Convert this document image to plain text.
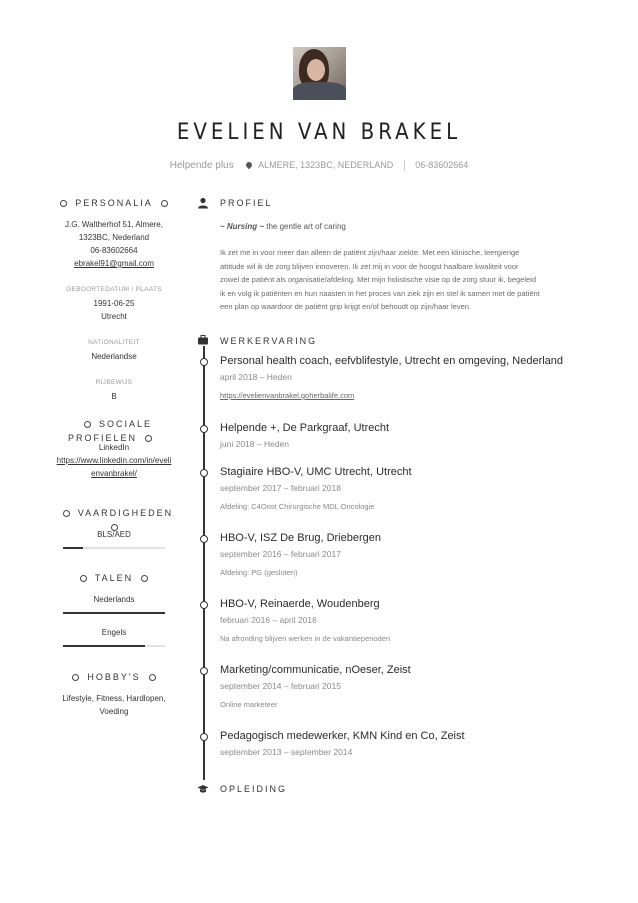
EVELIEN VAN BRAKEL
Helpende plus	ALMERE, 1323BC, NEDERLAND 06-83602664
PERSONALIA
J.G. Waltherhof 51, Almere,
1323BC, Nederland
06-83602664
ebrakel91@gmail.com
GEBOORTEDATUM / PLAATS
1991-06-25
Utrecht
NATIONALITEIT
Nederlandse
RIJBEWIJS
B
SOCIALE PROFIELEN
LinkedIn
https://www.linkedin.com/in/eveli
envanbrakel/
VAARDIGHEDEN
BLS/AED
TALEN
Nederlands
Engels
HOBBY'S
Lifestyle, Fitness, Hardlopen,
Voeding
PROFIEL
~ Nursing ~ the gentle art of caring
Ik zet me in voor meer dan alleen de patiënt zijn/haar ziekte. Met een klinische, leergierige
attitude wil ik de zorg blijven innoveren. Ik zet mij in voor de hoogst haalbare kwaliteit voor
zowel de patiënt als organisatie/afdeling. Met mijn holistische visie op de zorg stuur ik, begeleid
ik en volg ik patiënten en hun naasten in het proces van ziek zijn en stel ik samen met de patiënt
een plan op waardoor de patiënt grip krijgt en/of behoudt op zijn/haar leven.
WERKERVARING
Personal health coach, eefvblifestyle, Utrecht en omgeving, Nederland
april 2018 – Heden
https://evelienvanbrakel.goherbalife.com
Helpende +, De Parkgraaf, Utrecht
juni 2018 – Heden
Stagiaire HBO-V, UMC Utrecht, Utrecht
september 2017 – februari 2018
Afdeling: C4Oost Chirurgische MDL Oncologie
HBO-V, ISZ De Brug, Driebergen
september 2016 – februari 2017
Afdeling: PG (gesloten)
HBO-V, Reinaerde, Woudenberg
februari 2016 – april 2016
Na afronding blijven werken in de vakantieperioden
Marketing/communicatie, nOeser, Zeist
september 2014 – februari 2015
Online marketeer
Pedagogisch medewerker, KMN Kind en Co, Zeist
september 2013 – september 2014
OPLEIDING
